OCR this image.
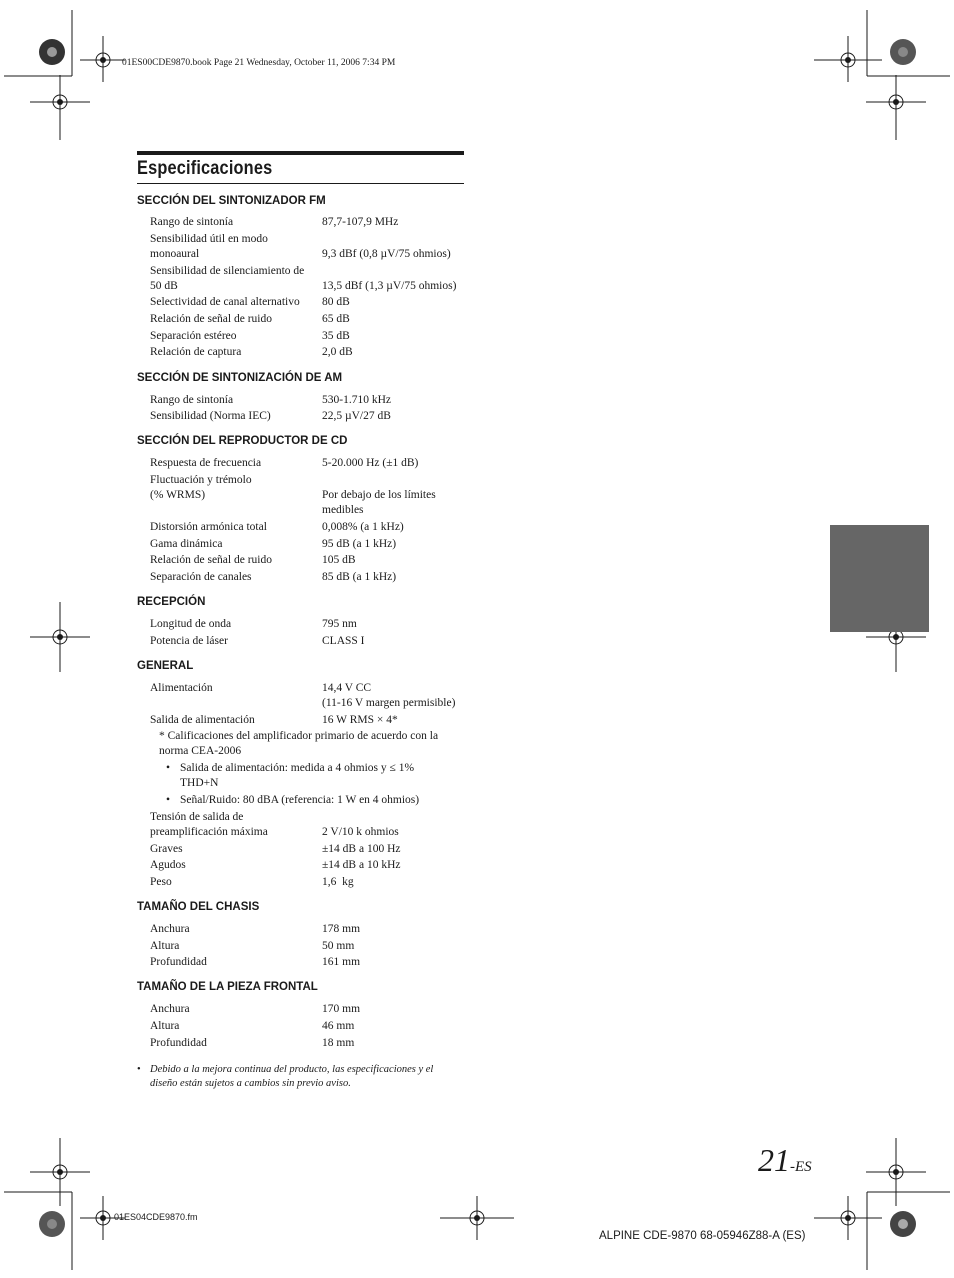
01ES00CDE9870.book Page 21 Wednesday, October 11, 2006 7:34 PM
Especificaciones
SECCIÓN DEL SINTONIZADOR FM
Rango de sintonía	87,7-107,9 MHz
Sensibilidad útil en modo
monoaural	9,3 dBf (0,8 µV/75 ohmios)
Sensibilidad de silenciamiento de
50 dB	13,5 dBf (1,3 µV/75 ohmios)
Selectividad de canal alternativo	80 dB
Relación de señal de ruido	65 dB
Separación estéreo	35 dB
Relación de captura	2,0 dB
SECCIÓN DE SINTONIZACIÓN DE AM
Rango de sintonía	530-1.710 kHz
Sensibilidad (Norma IEC)	22,5 µV/27 dB
SECCIÓN DEL REPRODUCTOR DE CD
Respuesta de frecuencia	5-20.000 Hz (±1 dB)
Fluctuación y trémolo
(% WRMS)	Por debajo de los límites
medibles
Distorsión armónica total	0,008% (a 1 kHz)
Gama dinámica	95 dB (a 1 kHz)
Relación de señal de ruido	105 dB
Separación de canales	85 dB (a 1 kHz)
RECEPCIÓN
Longitud de onda	795 nm
Potencia de láser	CLASS I
GENERAL
Alimentación	14,4 V CC
(11-16 V margen permisible)
Salida de alimentación	16 W RMS × 4*
* Calificaciones del amplificador primario de acuerdo con la
norma CEA-2006
• Salida de alimentación: medida a 4 ohmios y ≤ 1%
THD+N
• Señal/Ruido: 80 dBA (referencia: 1 W en 4 ohmios)
Tensión de salida de
preamplificación máxima	2 V/10 k ohmios
Graves	±14 dB a 100 Hz
Agudos	±14 dB a 10 kHz
Peso	1,6  kg
TAMAÑO DEL CHASIS
Anchura	178 mm
Altura	50 mm
Profundidad	161 mm
TAMAÑO DE LA PIEZA FRONTAL
Anchura	170 mm
Altura	46 mm
Profundidad	18 mm
• Debido a la mejora continua del producto, las especificaciones y el
diseño están sujetos a cambios sin previo aviso.
21-ES
01ES04CDE9870.fm
ALPINE CDE-9870 68-05946Z88-A (ES)
